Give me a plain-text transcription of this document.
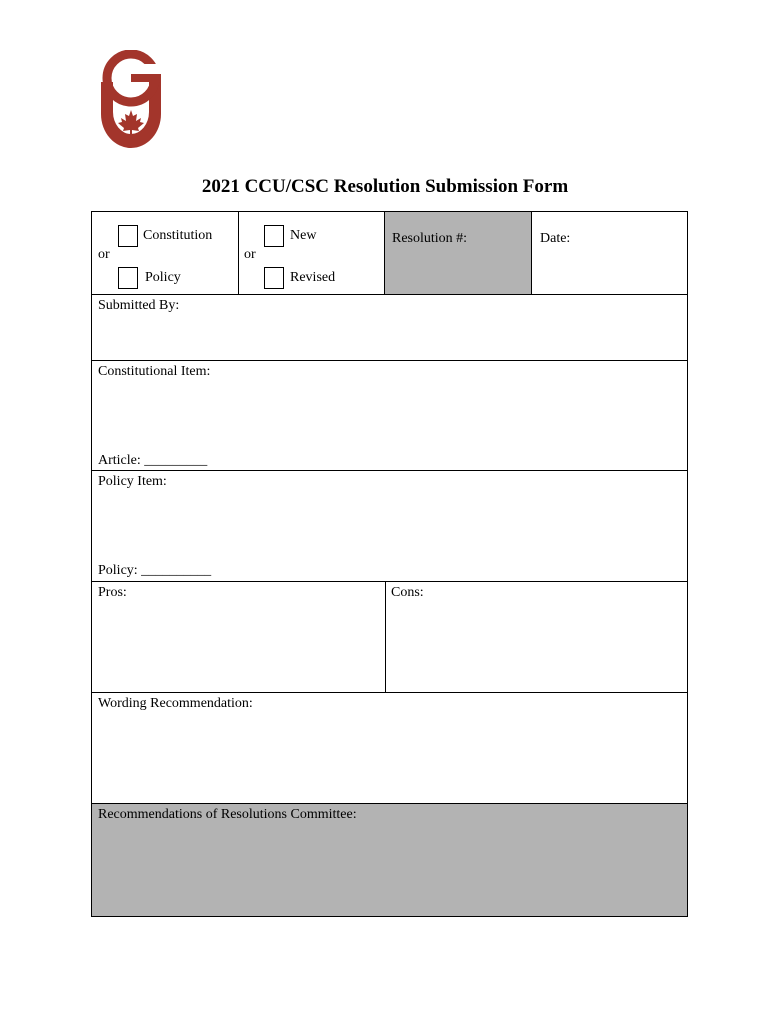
2021 CCU/CSC Resolution Submission Form
Constitution
or
Policy
New
or
Revised
Resolution #:	Date:
Submitted By:
Constitutional Item:
Article: _________
Policy Item:
Policy: __________
Pros:	Cons:
Wording Recommendation:
Recommendations of Resolutions Committee:
